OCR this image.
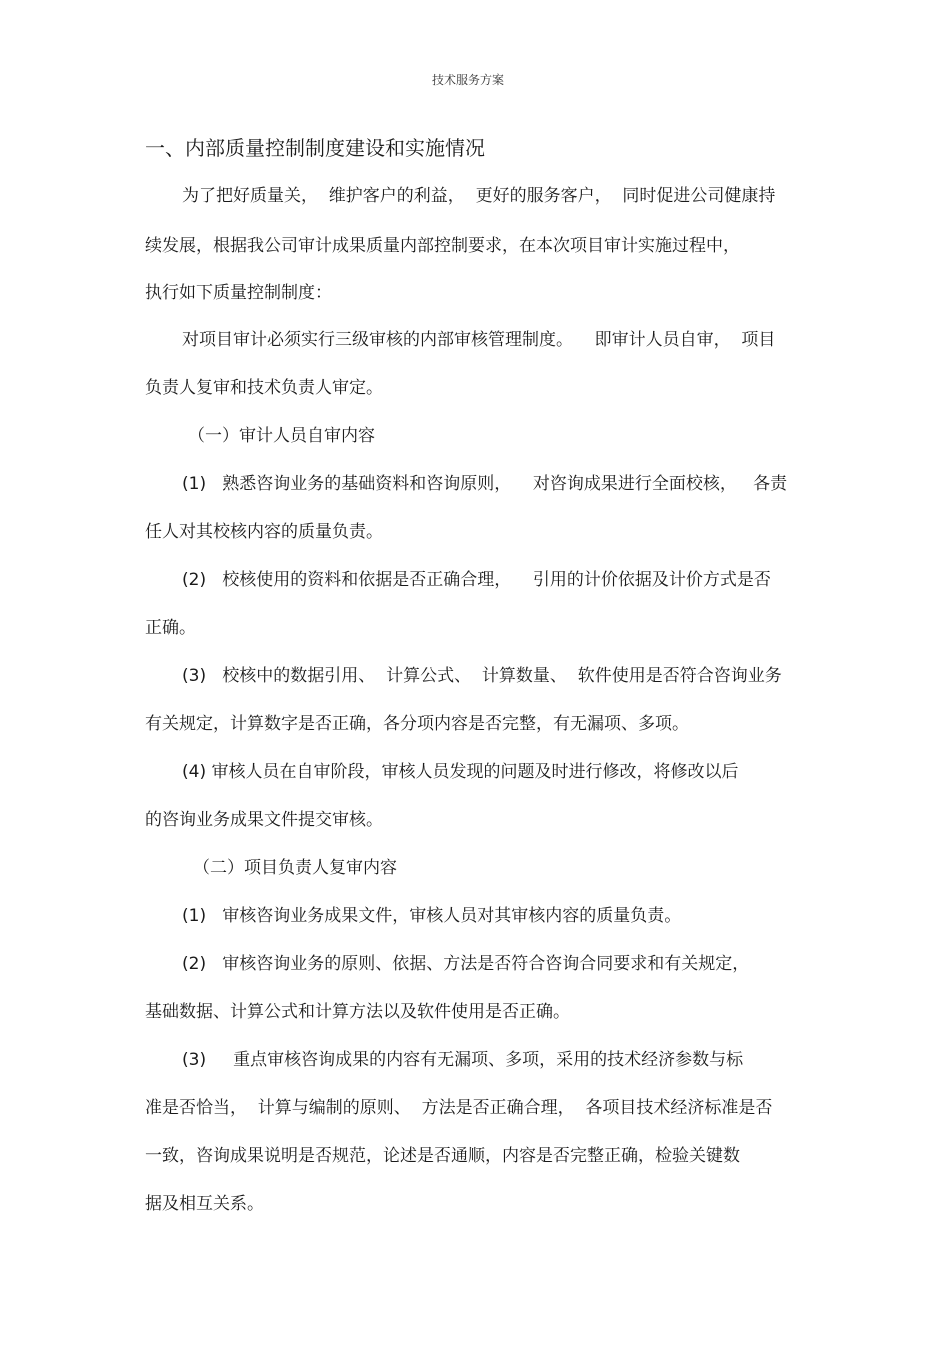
技术服务方案
一、内部质量控制制度建设和实施情况
为了把好质量关，  维护客户的利益，  更好的服务客户，  同时促进公司健康持
续发展，根据我公司审计成果质量内部控制要求，在本次项目审计实施过程中，
执行如下质量控制制度：
对项目审计必须实行三级审核的内部审核管理制度。    即审计人员自审，  项目
负责人复审和技术负责人审定。
（一）审计人员自审内容
(1)   熟悉咨询业务的基础资料和咨询原则，    对咨询成果进行全面校核，   各责
任人对其校核内容的质量负责。
(2)   校核使用的资料和依据是否正确合理，    引用的计价依据及计价方式是否
正确。
(3)   校核中的数据引用、  计算公式、  计算数量、  软件使用是否符合咨询业务
有关规定，计算数字是否正确，各分项内容是否完整，有无漏项、多项。
(4) 审核人员在自审阶段，审核人员发现的问题及时进行修改，将修改以后
的咨询业务成果文件提交审核。
（二）项目负责人复审内容
(1)   审核咨询业务成果文件，审核人员对其审核内容的质量负责。
(2)   审核咨询业务的原则、依据、方法是否符合咨询合同要求和有关规定，
基础数据、计算公式和计算方法以及软件使用是否正确。
(3)     重点审核咨询成果的内容有无漏项、多项，采用的技术经济参数与标
准是否恰当，  计算与编制的原则、  方法是否正确合理，  各项目技术经济标准是否
一致，咨询成果说明是否规范，论述是否通顺，内容是否完整正确，检验关键数
据及相互关系。
